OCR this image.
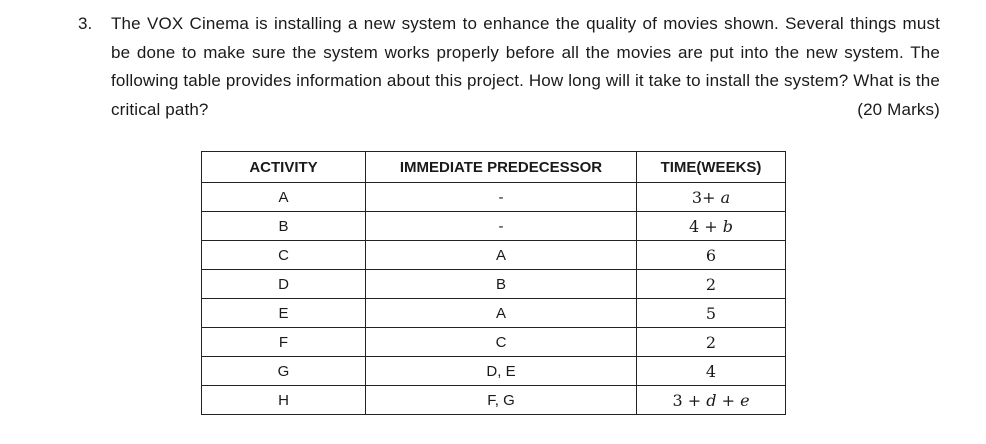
3. The VOX Cinema is installing a new system to enhance the quality of movies shown. Several things must be done to make sure the system works properly before all the movies are put into the new system. The following table provides information about this project. How long will it take to install the system? What is the critical path?	(20 Marks)
ACTIVITY	IMMEDIATE PREDECESSOR	TIME(WEEKS)
A	-	3+ a
B	-	4 + b
C	A	6
D	B	2
E	A	5
F	C	2
G	D, E	4
H	F, G	3 + d + e
